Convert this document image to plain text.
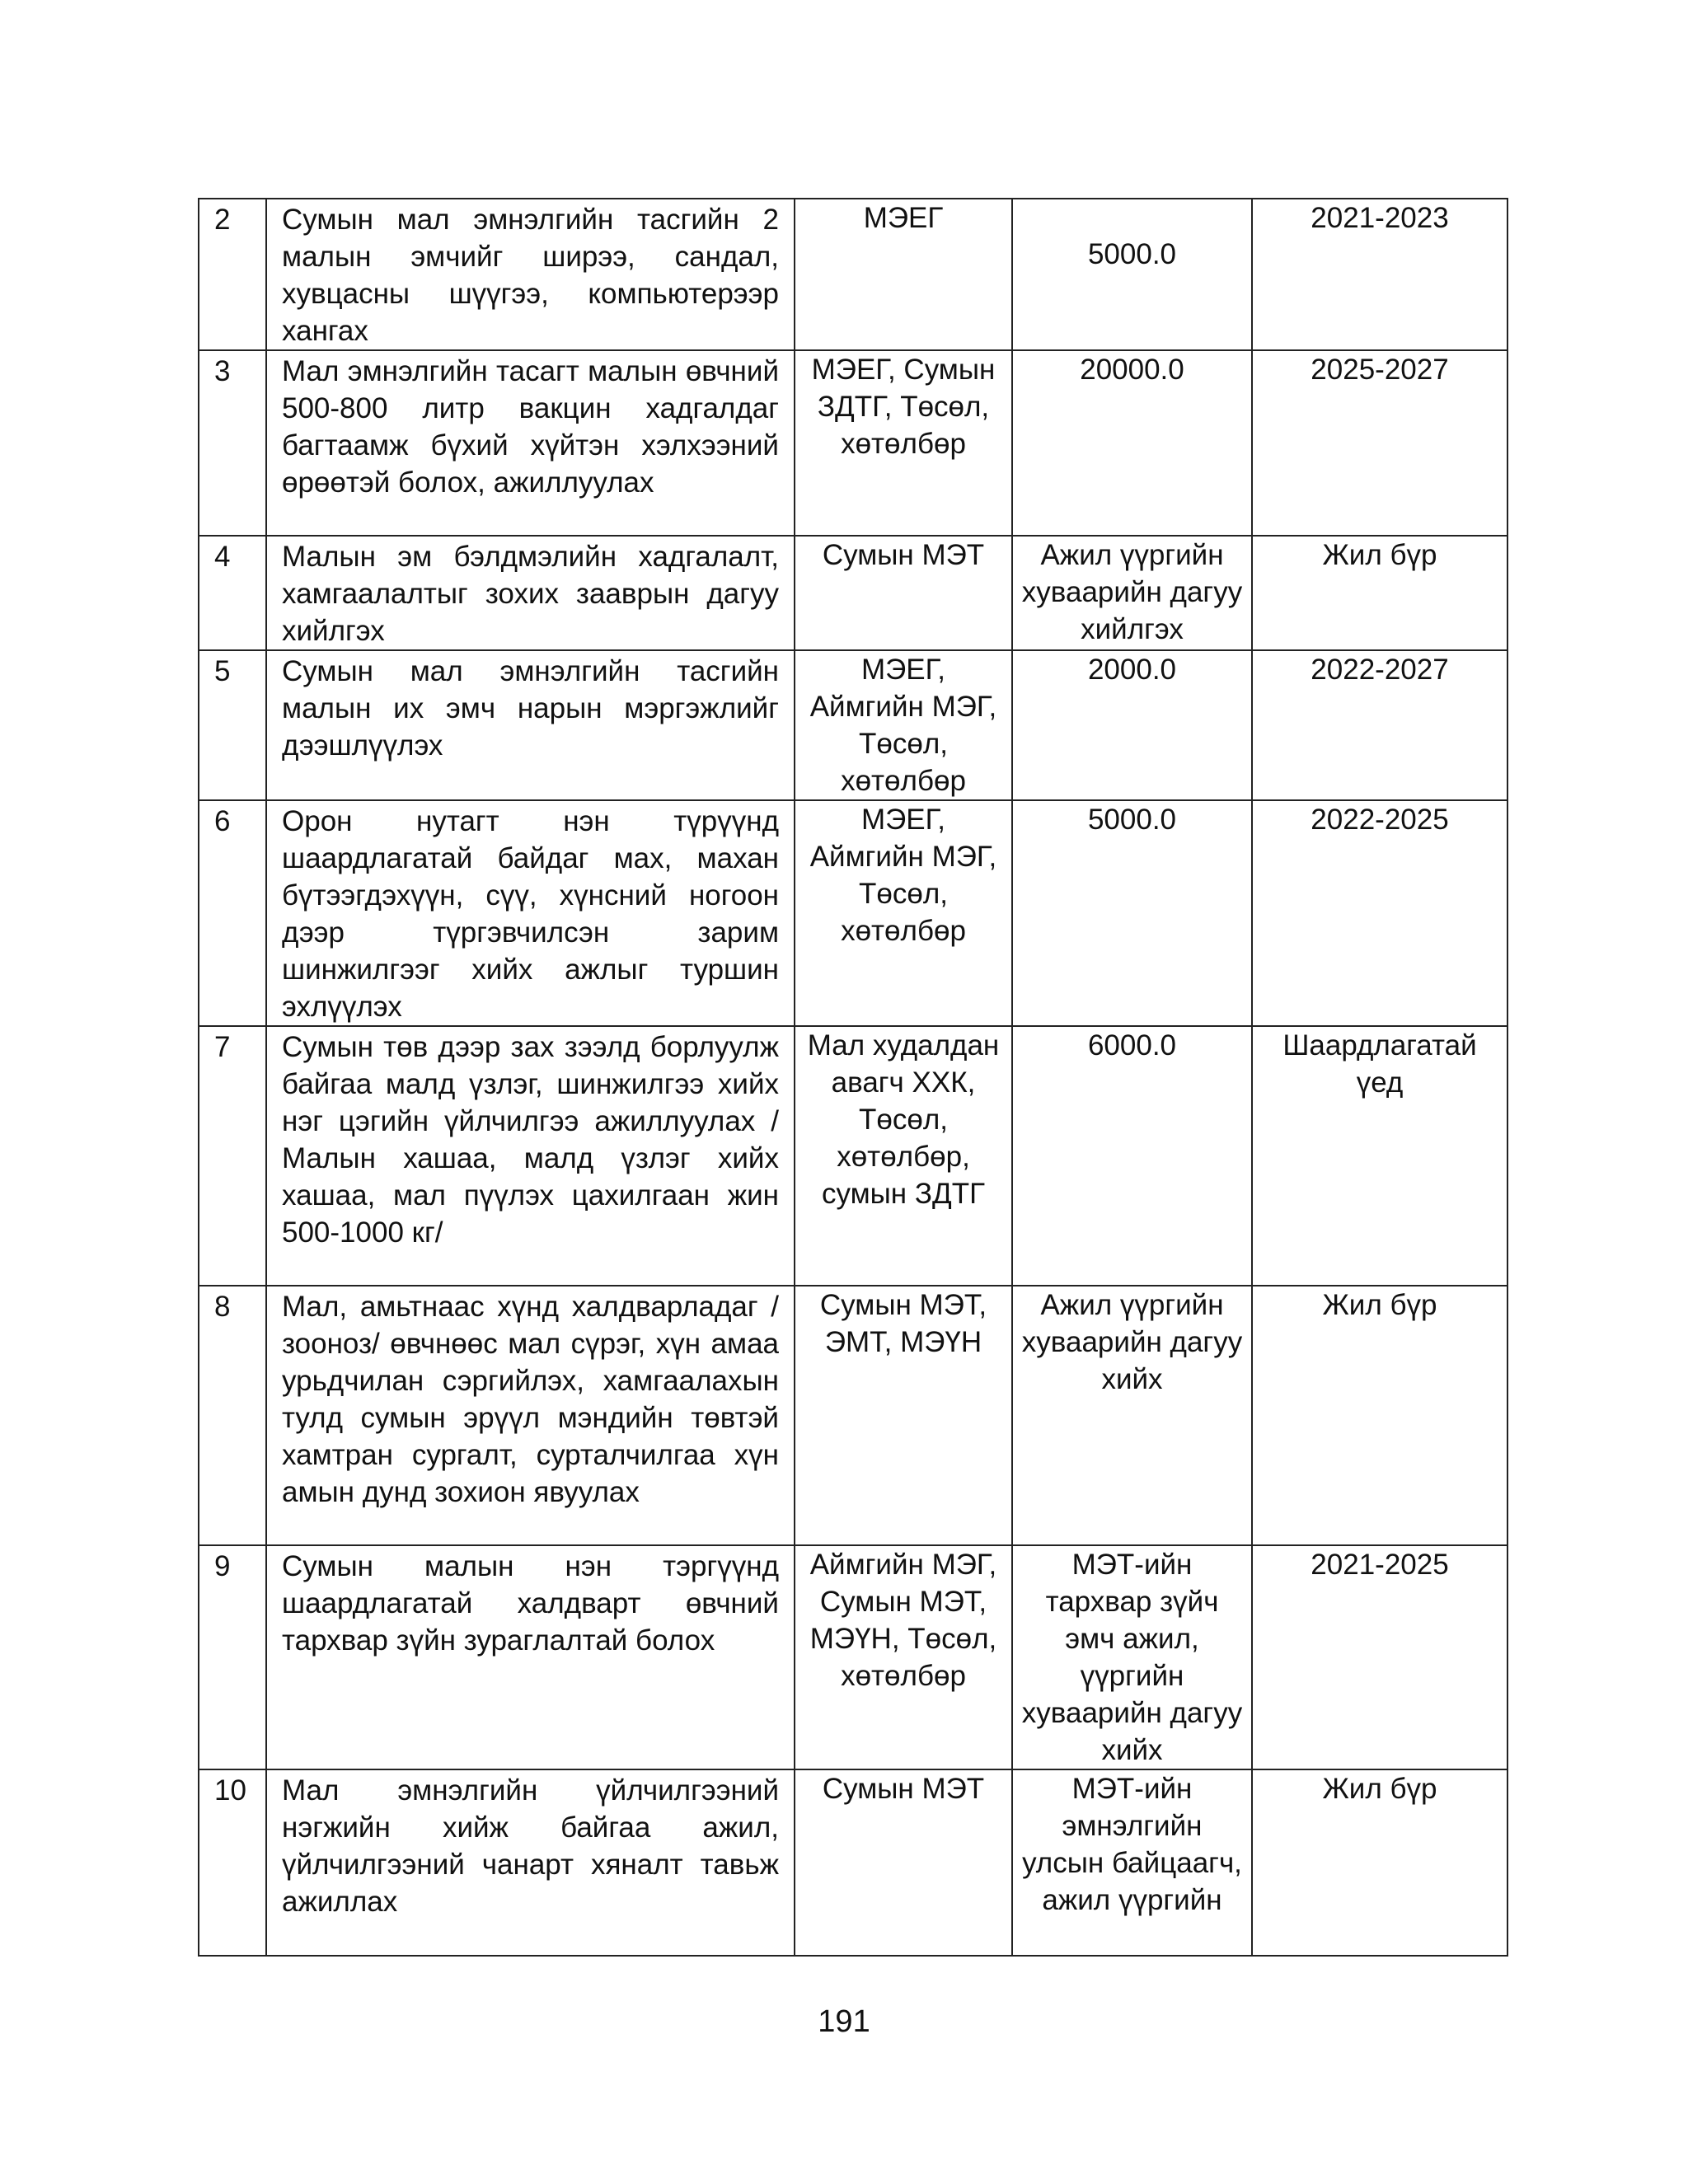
2	Сумын мал эмнэлгийн тасгийн 2 малын эмчийг ширээ, сандал, хувцасны шүүгээ, компьютерээр хангах	МЭЕГ	5000.0	2021-2023
3	Мал эмнэлгийн тасагт малын өвчний 500-800 литр вакцин хадгалдаг багтаамж бүхий хүйтэн хэлхээний өрөөтэй болох, ажиллуулах	МЭЕГ, Сумын ЗДТГ, Төсөл, хөтөлбөр	20000.0	2025-2027
4	Малын эм бэлдмэлийн хадгалалт, хамгаалалтыг зохих зааврын дагуу хийлгэх	Сумын МЭТ	Ажил үүргийн хуваарийн дагуу хийлгэх	Жил бүр
5	Сумын мал эмнэлгийн тасгийн малын их эмч нарын мэргэжлийг дээшлүүлэх	МЭЕГ, Аймгийн МЭГ, Төсөл, хөтөлбөр	2000.0	2022-2027
6	Орон нутагт нэн түрүүнд шаардлагатай байдаг мах, махан бүтээгдэхүүн, сүү, хүнсний ногоон дээр түргэвчилсэн зарим шинжилгээг хийх ажлыг туршин эхлүүлэх	МЭЕГ, Аймгийн МЭГ, Төсөл, хөтөлбөр	5000.0	2022-2025
7	Сумын төв дээр зах зээлд борлуулж байгаа малд үзлэг, шинжилгээ хийх нэг цэгийн үйлчилгээ ажиллуулах /Малын хашаа, малд үзлэг хийх хашаа, мал пүүлэх цахилгаан жин 500-1000 кг/	Мал худалдан авагч ХХК, Төсөл, хөтөлбөр, сумын ЗДТГ	6000.0	Шаардлагатай үед
8	Мал, амьтнаас хүнд халдварладаг /зооноз/ өвчнөөс мал сүрэг, хүн амаа урьдчилан сэргийлэх, хамгаалахын тулд сумын эрүүл мэндийн төвтэй хамтран сургалт, сурталчилгаа хүн амын дунд зохион явуулах	Сумын МЭТ, ЭМТ, МЭҮН	Ажил үүргийн хуваарийн дагуу хийх	Жил бүр
9	Сумын малын нэн тэргүүнд шаардлагатай халдварт өвчний тархвар зүйн зураглалтай болох	Аймгийн МЭГ, Сумын МЭТ, МЭҮН, Төсөл, хөтөлбөр	МЭТ-ийн тархвар зүйч эмч ажил, үүргийн хуваарийн дагуу хийх	2021-2025
10	Мал эмнэлгийн үйлчилгээний нэгжийн хийж байгаа ажил, үйлчилгээний чанарт хяналт тавьж ажиллах	Сумын МЭТ	МЭТ-ийн эмнэлгийн улсын байцаагч, ажил үүргийн	Жил бүр
191
